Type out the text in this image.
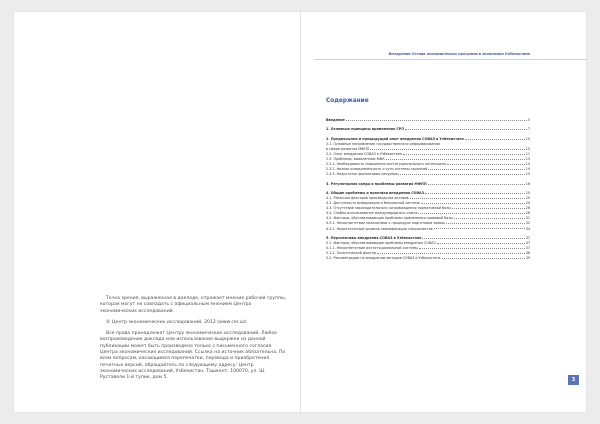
Точка зрения, выраженная в докладе, отражает мнение рабочей группы, которая могут не совпадать с официальным мнением Центра экономических исследований.

© Центр экономических исследований, 2012 (www.cer.uz)

Все права принадлежат Центру экономических исследований. Любое воспроизведение доклада или использование выдержек из данной публикации может быть произведено только с письменного согласия Центра экономических исследований. Ссылка на источник обязательна. По всем вопросам, касающимся перепечатки, перевода и приобретения печатных версий, обращайтесь по следующему адресу: Центр экономических исследований, Узбекистан, Ташкент, 100070, ул. Ш. Руставели 1-й тупик, дом 5.

Внедрение Устава экономических программ в экономики Узбекистана
Содержание
Введение	5
1. Основные принципы применения СРП	7
2. Предпосылки и предыдущий опыт внедрения СОВАЗ в Узбекистане	10
2.1. Основные направления государственного реформирования
в сфере развития МФПП	10
2.2. Опыт внедрения СОВАЗ в Узбекистане	11
2.3. Проблемы, выявленные МФК	13
2.3.1. Необходимость повышения институционального потенциала	14
2.3.2. Низкая осведомлённость о сути системы гарантий	14
2.3.3. Недостаток финансовых ресурсов	15
3. Регуляторная среда и проблемы развития МФПП	16
4. Общие проблемы и практики внедрения СОВАЗ	20
4.1. Различия факторов производства активов	20
4.2. Доступность информации о банковской системе	24
4.3. Отсутствие законодательного сопровождения нормативной базы	26
4.4. Слабая использование международного опыта	28
4.5. Факторы, обуславливающие проблемы применения правовой базы	31
4.5.1. Несоответствие механизмов к процедуре подготовки заявок	32
4.5.2. Недостаточный уровень квалификации специалистов	34
5. Перспективы внедрения СОВАЗ в Узбекистане	37
5.1. Факторы, обуславливающие проблемы внедрения СОВАЗ	37
5.1.1. Несоответствие институциональной системы	37
5.1.2. Политический фактор	38
5.2. Рекомендации по внедрению методов СОВАЗ в Узбекистане	39
3
